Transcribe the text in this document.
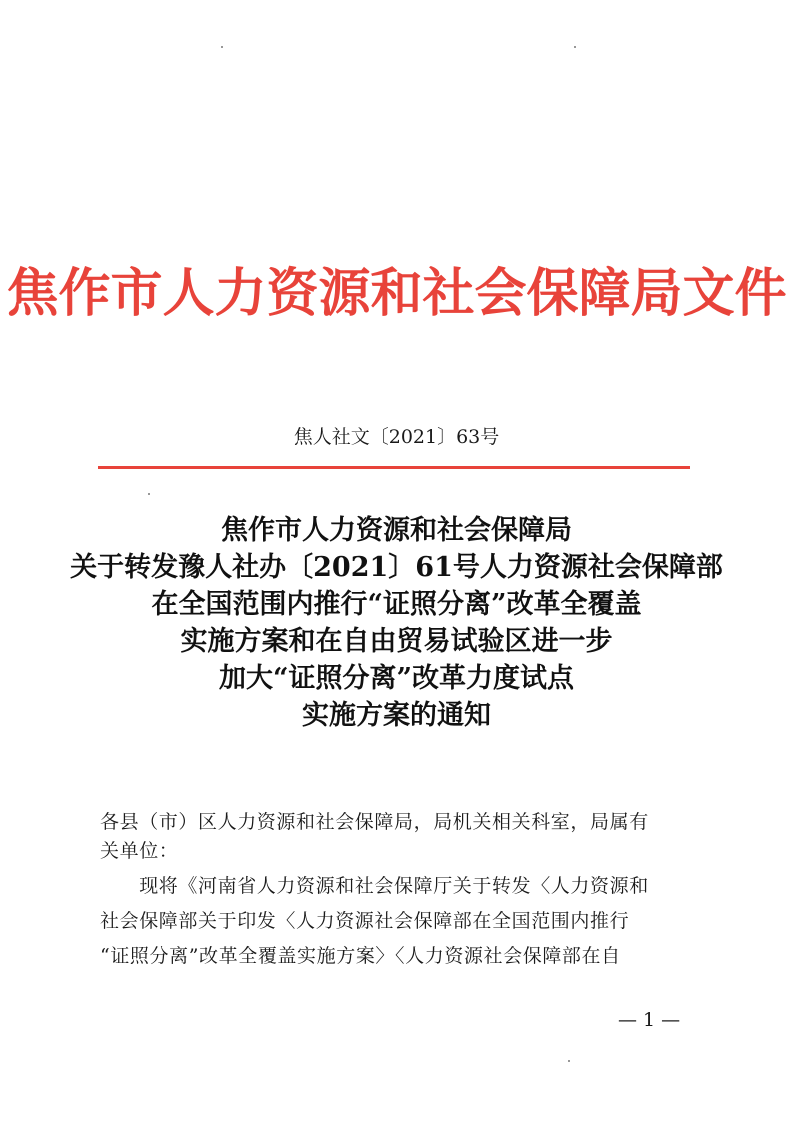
焦作市人力资源和社会保障局文件
焦人社文〔2021〕63号
焦作市人力资源和社会保障局
关于转发豫人社办〔2021〕61号人力资源社会保障部
在全国范围内推行“证照分离”改革全覆盖
实施方案和在自由贸易试验区进一步
加大“证照分离”改革力度试点
实施方案的通知
各县（市）区人力资源和社会保障局，局机关相关科室，局属有
关单位：
　　现将《河南省人力资源和社会保障厅关于转发〈人力资源和
社会保障部关于印发〈人力资源社会保障部在全国范围内推行
“证照分离”改革全覆盖实施方案〉〈人力资源社会保障部在自
— 1 —
